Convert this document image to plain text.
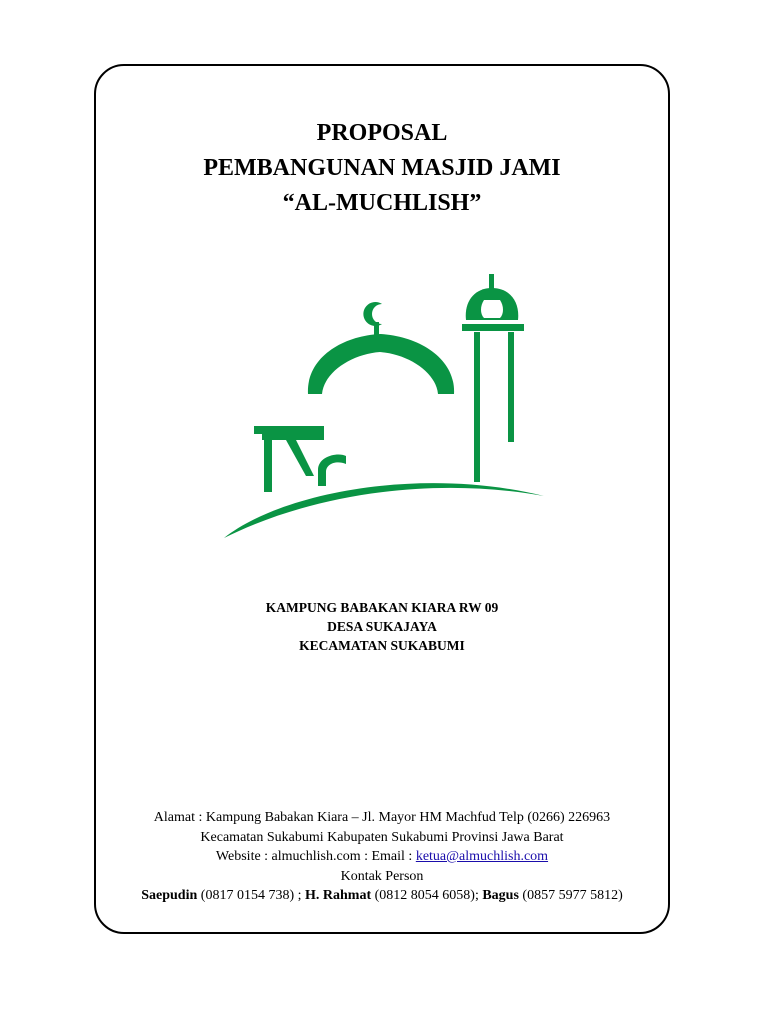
PROPOSAL
PEMBANGUNAN MASJID JAMI
“AL-MUCHLISH”
KAMPUNG BABAKAN KIARA RW 09
DESA SUKAJAYA
KECAMATAN SUKABUMI
Alamat : Kampung Babakan Kiara – Jl. Mayor HM Machfud Telp (0266) 226963
Kecamatan Sukabumi Kabupaten Sukabumi Provinsi Jawa Barat
Website : almuchlish.com : Email : ketua@almuchlish.com
Kontak Person
Saepudin (0817 0154 738) ; H. Rahmat (0812 8054 6058); Bagus (0857 5977 5812)
